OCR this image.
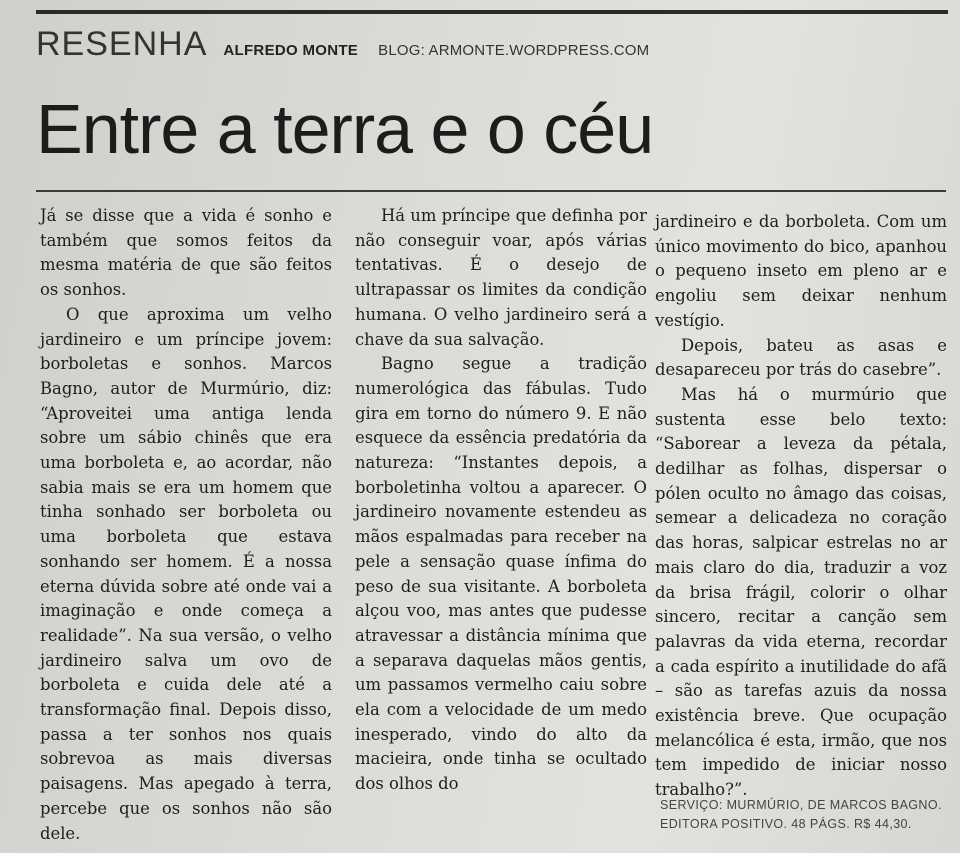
RESENHA ALFREDO MONTE BLOG: ARMONTE.WORDPRESS.COM
Entre a terra e o céu

Já se disse que a vida é sonho e também que somos feitos da mesma matéria de que são feitos os sonhos.

O que aproxima um velho jardineiro e um príncipe jovem: borboletas e sonhos. Marcos Bagno, autor de Murmúrio, diz: “Aproveitei uma antiga lenda sobre um sábio chinês que era uma borboleta e, ao acordar, não sabia mais se era um homem que tinha sonhado ser borboleta ou uma borboleta que estava sonhando ser homem. É a nossa eterna dúvida sobre até onde vai a imaginação e onde começa a realidade”. Na sua versão, o velho jardineiro salva um ovo de borboleta e cuida dele até a transformação final. Depois disso, passa a ter sonhos nos quais sobrevoa as mais diversas paisagens. Mas apegado à terra, percebe que os sonhos não são dele.

Há um príncipe que definha por não conseguir voar, após várias tentativas. É o desejo de ultrapassar os limites da condição humana. O velho jardineiro será a chave da sua salvação.

Bagno segue a tradição numerológica das fábulas. Tudo gira em torno do número 9. E não esquece da essência predatória da natureza: “Instantes depois, a borboletinha voltou a aparecer. O jardineiro novamente estendeu as mãos espalmadas para receber na pele a sensação quase ínfima do peso de sua visitante. A borboleta alçou voo, mas antes que pudesse atravessar a distância mínima que a separava daquelas mãos gentis, um passamos vermelho caiu sobre ela com a velocidade de um medo inesperado, vindo do alto da macieira, onde tinha se ocultado dos olhos do

jardineiro e da borboleta. Com um único movimento do bico, apanhou o pequeno inseto em pleno ar e engoliu sem deixar nenhum vestígio.

Depois, bateu as asas e desapareceu por trás do casebre”.

Mas há o murmúrio que sustenta esse belo texto: “Saborear a leveza da pétala, dedilhar as folhas, dispersar o pólen oculto no âmago das coisas, semear a delicadeza no coração das horas, salpicar estrelas no ar mais claro do dia, traduzir a voz da brisa frágil, colorir o olhar sincero, recitar a canção sem palavras da vida eterna, recordar a cada espírito a inutilidade do afã – são as tarefas azuis da nossa existência breve. Que ocupação melancólica é esta, irmão, que nos tem impedido de iniciar nosso trabalho?”.

SERVIÇO: MURMÚRIO, DE MARCOS BAGNO. EDITORA POSITIVO. 48 PÁGS. R$ 44,30.
